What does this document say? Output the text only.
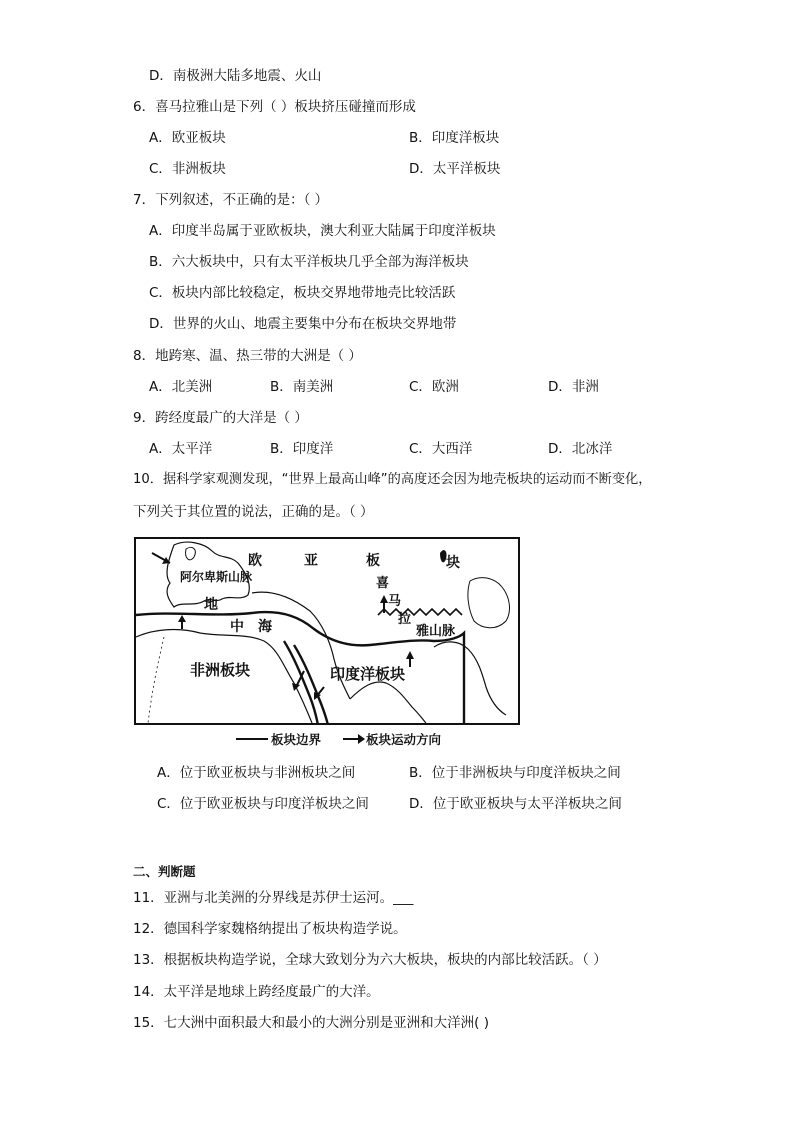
D．南极洲大陆多地震、火山
6．喜马拉雅山是下列（ ）板块挤压碰撞而形成
A．欧亚板块	B．印度洋板块
C．非洲板块	D．太平洋板块
7．下列叙述，不正确的是：（ ）
A．印度半岛属于亚欧板块，澳大利亚大陆属于印度洋板块
B．六大板块中，只有太平洋板块几乎全部为海洋板块
C．板块内部比较稳定，板块交界地带地壳比较活跃
D．世界的火山、地震主要集中分布在板块交界地带
8．地跨寒、温、热三带的大洲是（ ）
A．北美洲	B．南美洲	C．欧洲	D．非洲
9．跨经度最广的大洋是（ ）
A．太平洋	B．印度洋	C．大西洋	D．北冰洋
10．据科学家观测发现，“世界上最高山峰”的高度还会因为地壳板块的运动而不断变化，
下列关于其位置的说法，正确的是。（ ）
欧	亚	板	块
阿尔卑斯山脉
地
中 海
喜
马
拉
雅山脉
非洲板块	印度洋板块
板块边界	板块运动方向
A．位于欧亚板块与非洲板块之间	B．位于非洲板块与印度洋板块之间
C．位于欧亚板块与印度洋板块之间	D．位于欧亚板块与太平洋板块之间
二、判断题
11．亚洲与北美洲的分界线是苏伊士运河。___
12．德国科学家魏格纳提出了板块构造学说。
13．根据板块构造学说，全球大致划分为六大板块，板块的内部比较活跃。（ ）
14．太平洋是地球上跨经度最广的大洋。
15．七大洲中面积最大和最小的大洲分别是亚洲和大洋洲( )
